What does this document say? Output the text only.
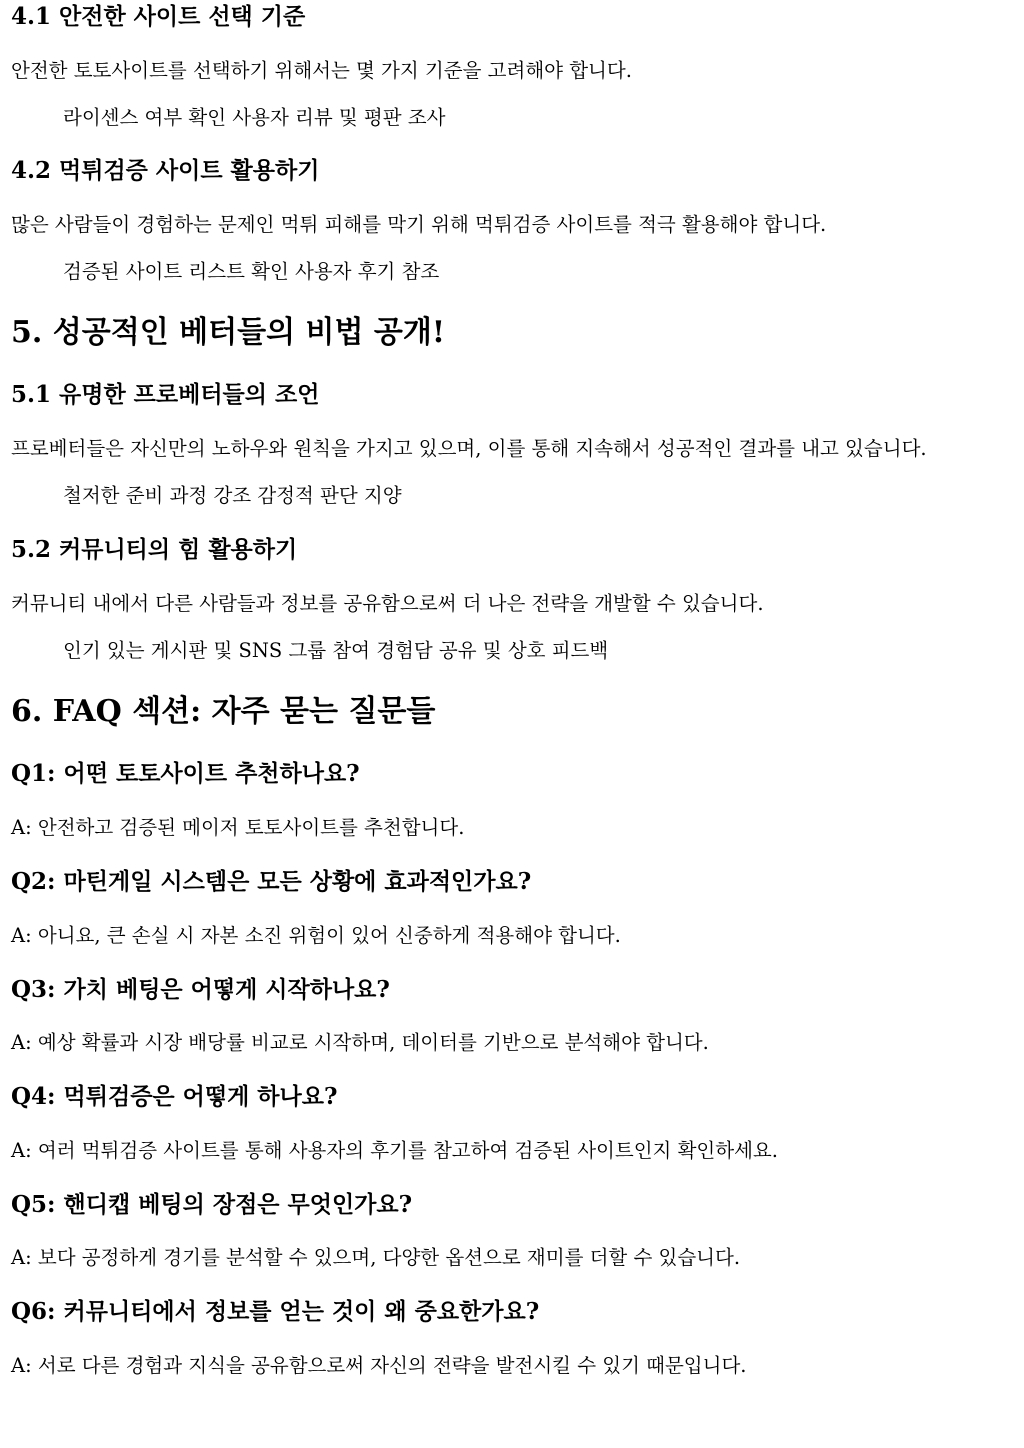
4.1 안전한 사이트 선택 기준

안전한 토토사이트를 선택하기 위해서는 몇 가지 기준을 고려해야 합니다.

라이센스 여부 확인 사용자 리뷰 및 평판 조사
4.2 먹튀검증 사이트 활용하기

많은 사람들이 경험하는 문제인 먹튀 피해를 막기 위해 먹튀검증 사이트를 적극 활용해야 합니다.

검증된 사이트 리스트 확인 사용자 후기 참조
5. 성공적인 베터들의 비법 공개!
5.1 유명한 프로베터들의 조언

프로베터들은 자신만의 노하우와 원칙을 가지고 있으며, 이를 통해 지속해서 성공적인 결과를 내고 있습니다.

철저한 준비 과정 강조 감정적 판단 지양
5.2 커뮤니티의 힘 활용하기

커뮤니티 내에서 다른 사람들과 정보를 공유함으로써 더 나은 전략을 개발할 수 있습니다.

인기 있는 게시판 및 SNS 그룹 참여 경험담 공유 및 상호 피드백
6. FAQ 섹션: 자주 묻는 질문들
Q1: 어떤 토토사이트 추천하나요?

A: 안전하고 검증된 메이저 토토사이트를 추천합니다.

Q2: 마틴게일 시스템은 모든 상황에 효과적인가요?

A: 아니요, 큰 손실 시 자본 소진 위험이 있어 신중하게 적용해야 합니다.

Q3: 가치 베팅은 어떻게 시작하나요?

A: 예상 확률과 시장 배당률 비교로 시작하며, 데이터를 기반으로 분석해야 합니다.

Q4: 먹튀검증은 어떻게 하나요?

A: 여러 먹튀검증 사이트를 통해 사용자의 후기를 참고하여 검증된 사이트인지 확인하세요.

Q5: 핸디캡 베팅의 장점은 무엇인가요?

A: 보다 공정하게 경기를 분석할 수 있으며, 다양한 옵션으로 재미를 더할 수 있습니다.

Q6: 커뮤니티에서 정보를 얻는 것이 왜 중요한가요?

A: 서로 다른 경험과 지식을 공유함으로써 자신의 전략을 발전시킬 수 있기 때문입니다.
